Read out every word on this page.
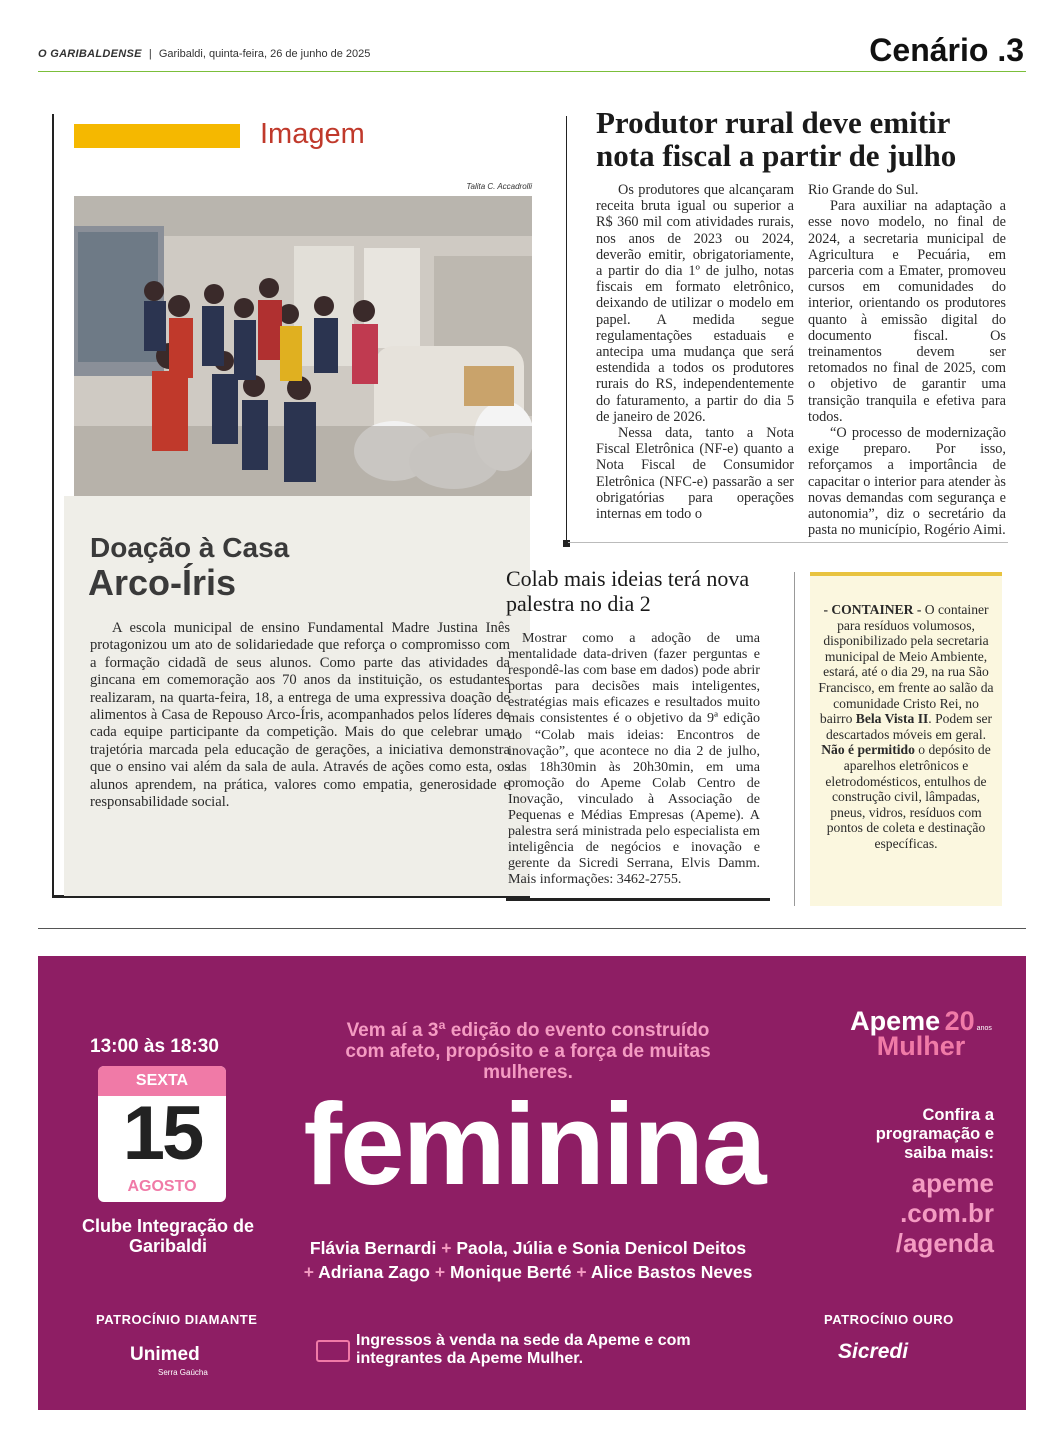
O GARIBALDENSE | Garibaldi, quinta-feira, 26 de junho de 2025	Cenário .3
Imagem
Talita C. Accadrolli
Doação à Casa
Arco-Íris
A escola municipal de ensino Fundamental Madre Justina Inês protagonizou um ato de solidariedade que reforça o compromisso com a formação cidadã de seus alunos. Como parte das atividades da gincana em comemoração aos 70 anos da instituição, os estudantes realizaram, na quarta-feira, 18, a entrega de uma expressiva doação de alimentos à Casa de Repouso Arco-Íris, acompanhados pelos líderes de cada equipe participante da competição. Mais do que celebrar uma trajetória marcada pela educação de gerações, a iniciativa demonstra que o ensino vai além da sala de aula. Através de ações como esta, os alunos aprendem, na prática, valores como empatia, generosidade e responsabilidade social.
Produtor rural deve emitir nota fiscal a partir de julho

Os produtores que alcançaram receita bruta igual ou superior a R$ 360 mil com atividades rurais, nos anos de 2023 ou 2024, deverão emitir, obrigatoriamente, a partir do dia 1º de julho, notas fiscais em formato eletrônico, deixando de utilizar o modelo em papel. A medida segue regulamentações estaduais e antecipa uma mudança que será estendida a todos os produtores rurais do RS, independentemente do faturamento, a partir do dia 5 de janeiro de 2026.

Nessa data, tanto a Nota Fiscal Eletrônica (NF-e) quanto a Nota Fiscal de Consumidor Eletrônica (NFC-e) passarão a ser obrigatórias para operações internas em todo o

Rio Grande do Sul.

Para auxiliar na adaptação a esse novo modelo, no final de 2024, a secretaria municipal de Agricultura e Pecuária, em parceria com a Emater, promoveu cursos em comunidades do interior, orientando os produtores quanto à emissão digital do documento fiscal. Os treinamentos devem ser retomados no final de 2025, com o objetivo de garantir uma transição tranquila e efetiva para todos.

“O processo de modernização exige preparo. Por isso, reforçamos a importância de capacitar o interior para atender às novas demandas com segurança e autonomia”, diz o secretário da pasta no município, Rogério Aimi.

Colab mais ideias terá nova palestra no dia 2
Mostrar como a adoção de uma mentalidade data-driven (fazer perguntas e respondê-las com base em dados) pode abrir portas para decisões mais inteligentes, estratégias mais eficazes e resultados muito mais consistentes é o objetivo da 9ª edição do “Colab mais ideias: Encontros de inovação”, que acontece no dia 2 de julho, das 18h30min às 20h30min, em uma promoção do Apeme Colab Centro de Inovação, vinculado à Associação de Pequenas e Médias Empresas (Apeme). A palestra será ministrada pelo especialista em inteligência de negócios e inovação e gerente da Sicredi Serrana, Elvis Damm. Mais informações: 3462-2755.
- CONTAINER - O container para resíduos volumosos, disponibilizado pela secretaria municipal de Meio Ambiente, estará, até o dia 29, na rua São Francisco, em frente ao salão da comunidade Cristo Rei, no bairro Bela Vista II. Podem ser descartados móveis em geral. Não é permitido o depósito de aparelhos eletrônicos e eletrodomésticos, entulhos de construção civil, lâmpadas, pneus, vidros, resíduos com pontos de coleta e destinação específicas.
13:00 às 18:30
SEXTA
15
AGOSTO
Clube Integração de Garibaldi
Vem aí a 3ª edição do evento construído com afeto, propósito e a força de muitas mulheres.
feminina
Flávia Bernardi + Paola, Júlia e Sonia Denicol Deitos
+ Adriana Zago + Monique Berté + Alice Bastos Neves
Apeme 20 anos
Mulher
Confira a programação e saiba mais:
apeme .com.br /agenda
PATROCÍNIO DIAMANTE
Unimed
Serra Gaúcha
Ingressos à venda na sede da Apeme e com integrantes da Apeme Mulher.
PATROCÍNIO OURO
Sicredi
